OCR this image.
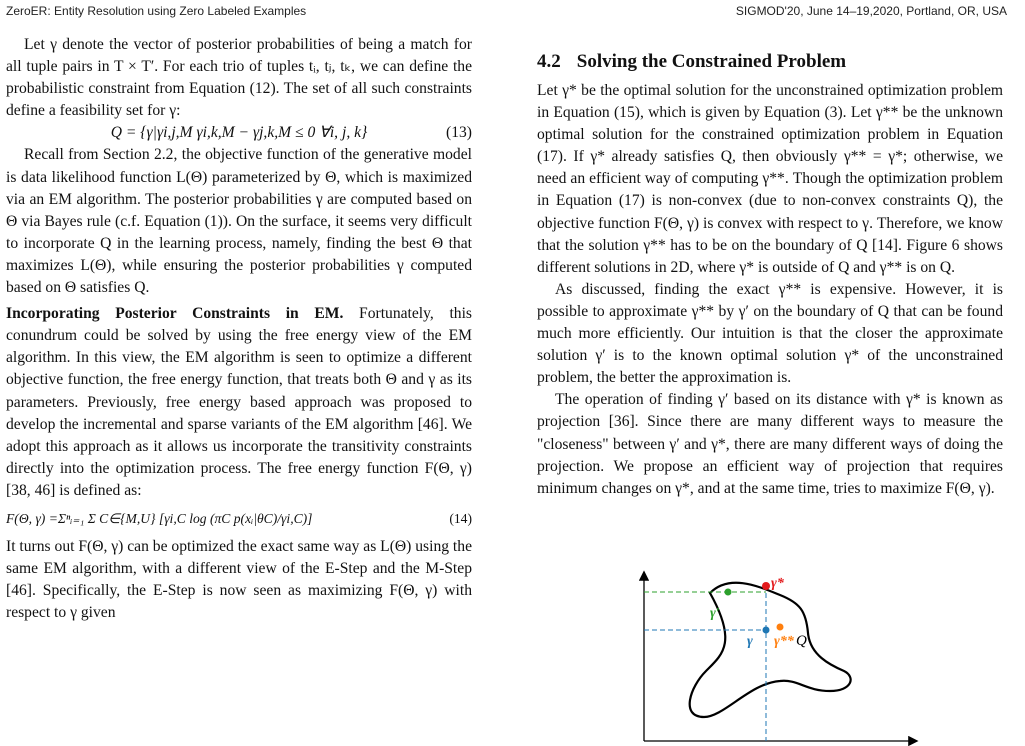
ZeroER: Entity Resolution using Zero Labeled Examples	SIGMOD'20, June 14–19,2020, Portland, OR, USA

Let γ denote the vector of posterior probabilities of being a match for all tuple pairs in T × T′. For each trio of tuples tᵢ, tⱼ, tₖ, we can define the probabilistic constraint from Equation (12). The set of all such constraints define a feasibility set for γ:

Q = {γ|γi,j,M γi,k,M − γj,k,M ≤ 0 ∀i, j, k}	(13)

Recall from Section 2.2, the objective function of the generative model is data likelihood function L(Θ) parameterized by Θ, which is maximized via an EM algorithm. The posterior probabilities γ are computed based on Θ via Bayes rule (c.f. Equation (1)). On the surface, it seems very difficult to incorporate Q in the learning process, namely, finding the best Θ that maximizes L(Θ), while ensuring the posterior probabilities γ computed based on Θ satisfies Q.

Incorporating Posterior Constraints in EM. Fortunately, this conundrum could be solved by using the free energy view of the EM algorithm. In this view, the EM algorithm is seen to optimize a different objective function, the free energy function, that treats both Θ and γ as its parameters. Previously, free energy based approach was proposed to develop the incremental and sparse variants of the EM algorithm [46]. We adopt this approach as it allows us incorporate the transitivity constraints directly into the optimization process. The free energy function F(Θ, γ) [38, 46] is defined as:

F(Θ, γ) =Σⁿᵢ₌₁ Σ C∈{M,U} [γi,C log (πC p(xᵢ|θC)/γi,C)]	(14)

It turns out F(Θ, γ) can be optimized the exact same way as L(Θ) using the same EM algorithm, with a different view of the E-Step and the M-Step [46]. Specifically, the E-Step is now seen as maximizing F(Θ, γ) with respect to γ given

4.2 Solving the Constrained Problem

Let γ* be the optimal solution for the unconstrained optimization problem in Equation (15), which is given by Equation (3). Let γ** be the unknown optimal solution for the constrained optimization problem in Equation (17). If γ* already satisfies Q, then obviously γ** = γ*; otherwise, we need an efficient way of computing γ**. Though the optimization problem in Equation (17) is non-convex (due to non-convex constraints Q), the objective function F(Θ, γ) is convex with respect to γ. Therefore, we know that the solution γ** has to be on the boundary of Q [14]. Figure 6 shows different solutions in 2D, where γ* is outside of Q and γ** is on Q.

As discussed, finding the exact γ** is expensive. However, it is possible to approximate γ** by γ′ on the boundary of Q that can be found much more efficiently. Our intuition is that the closer the approximate solution γ′ is to the known optimal solution γ* of the unconstrained problem, the better the approximation is.

The operation of finding γ′ based on its distance with γ* is known as projection [36]. Since there are many different ways to measure the "closeness" between γ′ and γ*, there are many different ways of doing the projection. We propose an efficient way of projection that requires minimum changes on γ*, and at the same time, tries to maximize F(Θ, γ).

γ*
γ′
γ γ** Q
